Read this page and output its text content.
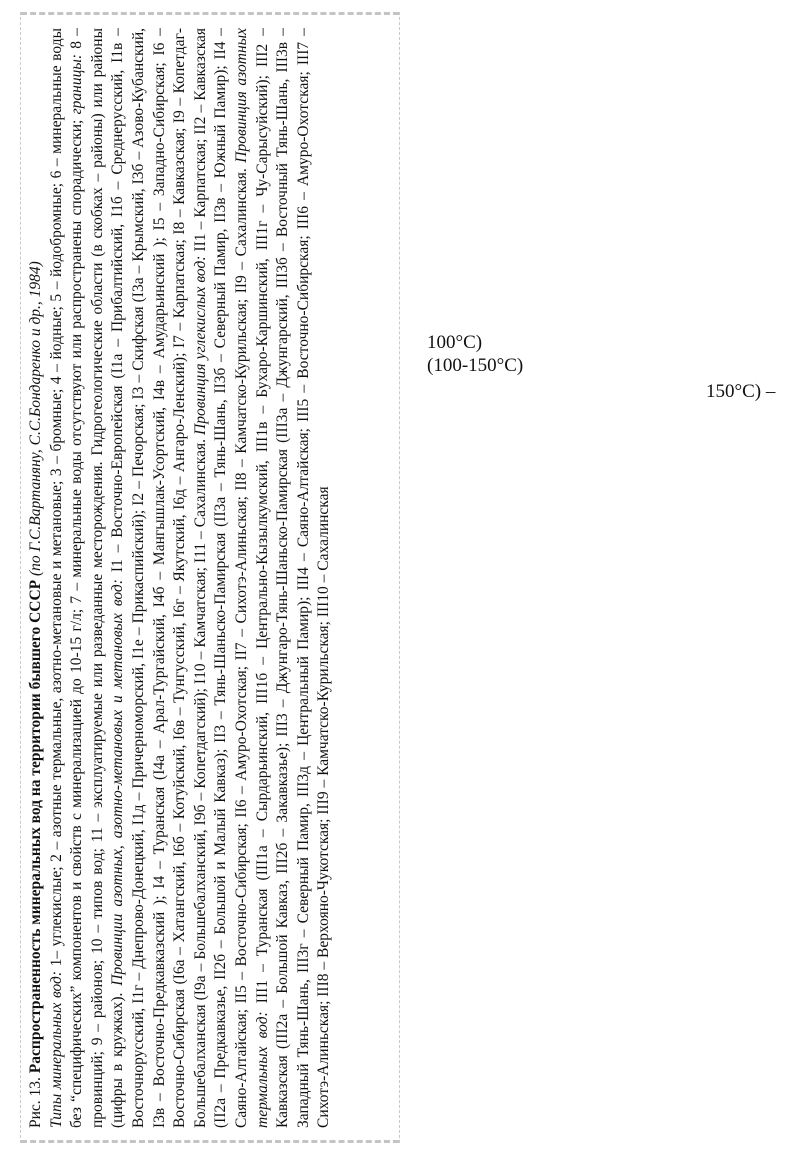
Рис. 13. Распространенность минеральных вод на территории бывшего СССР (по Г.С.Вартаняну, С.С.Бондаренко и др., 1984)

Типы минеральных вод: 1– углекислые; 2 – азотные термальные, азотно-метановые и метановые; 3 – бромные; 4 – йодные; 5 – йодобромные; 6 – минеральные воды без “специфических” компонентов и свойств с минерализацией до 10-15 г/л; 7 – минеральные воды отсутствуют или распространены спорадически; границы: 8 – провинций; 9 – районов; 10 – типов вод; 11 – эксплуатируемые или разведанные месторождения. Гидрогеологические области (в скобках – районы) или районы (цифры в кружках). Провинции азотных, азотно-метановых и метановых вод: I1 – Восточно-Европейская (I1a – Прибалтийский, I1б – Среднерусский, I1в – Восточнорусский, I1г – Днепрово-Донецкий, I1д – Причерноморский, I1е – Прикаспийский); I2 – Печорская; I3 – Скифская (I3a – Крымский, I3б – Азово-Кубанский, I3в – Восточно-Предкавказский ); I4 – Туранская (I4a – Арал-Тургайский, I4б – Мангышлак-Усортский, I4в – Амударьинский ); I5 – Западно-Сибирская; I6 – Восточно-Сибирская (I6a – Хатангский, I6б – Котуйский, I6в – Тунгусский, I6г – Якутский, I6д – Ангаро-Ленский); I7 – Карпатская; I8 – Кавказская; I9 – Копетдаг-Большебалханская (I9a – Большебалханский, I9б – Копетдагский); I10 – Камчатская; I11 – Сахалинская. Провинция углекислых вод: II1 – Карпатская; II2 – Кавказская (II2a – Предкавказье, II2б – Большой и Малый Кавказ); II3 – Тянь-Шаньско-Памирская (II3a – Тянь-Шань, II3б – Северный Памир, II3в – Южный Памир); II4 – Саяно-Алтайская; II5 – Восточно-Сибирская; II6 – Амуро-Охотская; II7 – Сихотэ-Алиньская; II8 – Камчатско-Курильская; II9 – Сахалинская. Провинция азотных термальных вод: III1 – Туранская (III1a – Сырдарьинский, III1б – Центрально-Кызылкумский, III1в – Бухаро-Каршинский, III1г – Чу-Сарысуйский); III2 – Кавказская (III2a – Большой Кавказ, III2б – Закавказье); III3 – Джунгаро-Тянь-Шаньско-Памирская (III3a – Джунгарский, III3б – Восточный Тянь-Шань, III3в – Западный Тянь-Шань, III3г – Северный Памир, III3д – Центральный Памир); III4 – Саяно-Алтайская; III5 – Восточно-Сибирская; III6 – Амуро-Охотская; III7 – Сихотэ-Алиньская; III8 – Верхояно-Чукотская; III9 – Камчатско-Курильская; III10 – Сахалинская

100°C)
(100-150°C)
150°C) –
